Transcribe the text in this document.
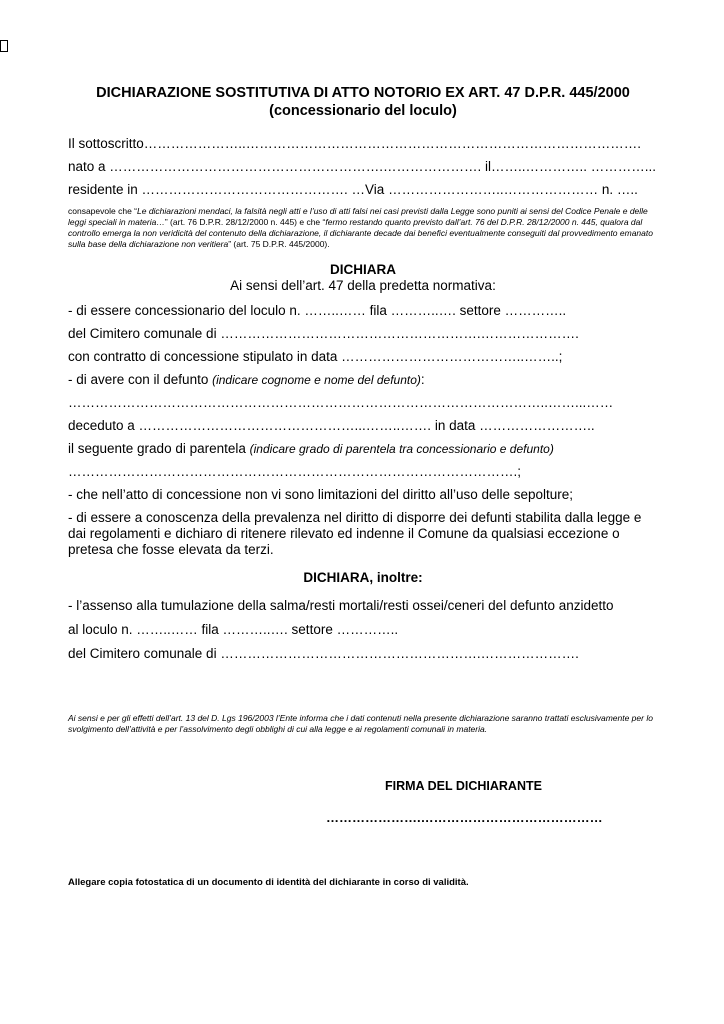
DICHIARAZIONE SOSTITUTIVA DI ATTO NOTORIO EX ART. 47 D.P.R. 445/2000
(concessionario del loculo)
Il sottoscritto…………………..…………………………………………………………………………….
nato a …………………………………………………….…………………. il……..………….. …………...
residente in ………………………………………. …Via ……………………..………………… n. …..
consapevole che “Le dichiarazioni mendaci, la falsità negli atti e l’uso di atti falsi nei casi previsti dalla Legge sono puniti ai sensi del Codice Penale e delle leggi speciali in materia…” (art. 76 D.P.R. 28/12/2000 n. 445) e che “fermo restando quanto previsto dall’art. 76 del D.P.R. 28/12/2000 n. 445, qualora dal controllo emerga la non veridicità del contenuto della dichiarazione, il dichiarante decade dai benefici eventualmente conseguiti dal provvedimento emanato sulla base della dichiarazione non veritiera” (art. 75 D.P.R. 445/2000).
DICHIARA
Ai sensi dell’art. 47 della predetta normativa:
- di essere concessionario del loculo n. ……..…… fila ………..…. settore …………..
del Cimitero comunale di ………………………………………………….………………….
con contratto di concessione stipulato in data …………………………………..……..;
- di avere con il defunto (indicare cognome e nome del defunto):
……………………………………………………………………………………………..……...……
deceduto a …………………………………………...……..……. in data ……………………..
il seguente grado di parentela (indicare grado di parentela tra concessionario e defunto)
……………………………………………………………………………………….;
- che nell’atto di concessione non vi sono limitazioni del diritto all’uso delle sepolture;
- di essere a conoscenza della prevalenza nel diritto di disporre dei defunti stabilita dalla legge e
dai regolamenti e dichiaro di ritenere rilevato ed indenne il Comune da qualsiasi eccezione o
pretesa che fosse elevata da terzi.
DICHIARA, inoltre:
- l’assenso alla tumulazione della salma/resti mortali/resti ossei/ceneri del defunto anzidetto
al loculo n. ……..…… fila ………..…. settore …………..
del Cimitero comunale di ………………………………………………….………………….
Ai sensi e per gli effetti dell’art. 13 del D. Lgs 196/2003 l’Ente informa che i dati contenuti nella presente dichiarazione saranno trattati esclusivamente per lo svolgimento dell’attività e per l’assolvimento degli obblighi di cui alla legge e ai regolamenti comunali in materia.
FIRMA DEL DICHIARANTE
………………….……………………………………
Allegare copia fotostatica di un documento di identità del dichiarante in corso di validità.
